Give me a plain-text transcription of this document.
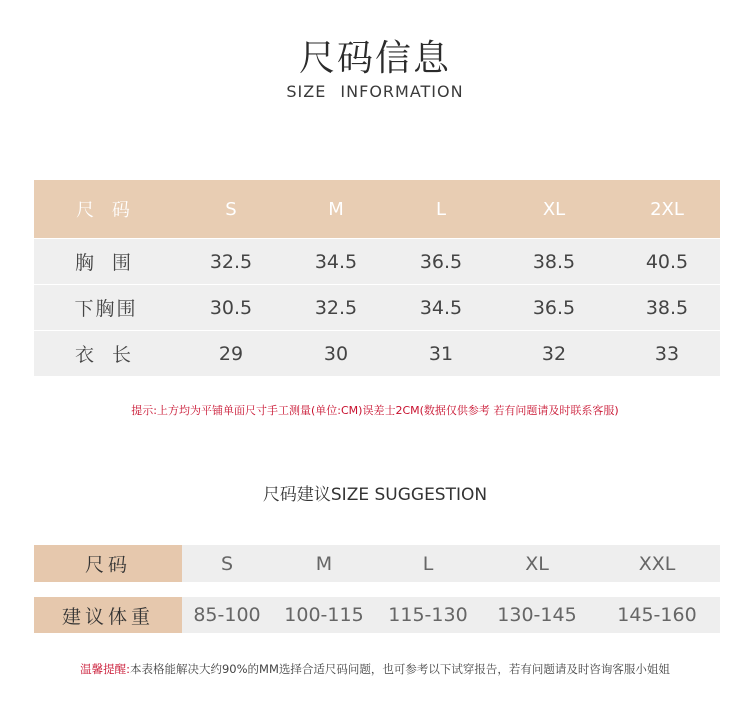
尺码信息
SIZE INFORMATION
尺 码	S	M	L	XL	2XL
胸 围	32.5	34.5	36.5	38.5	40.5
下胸围	30.5	32.5	34.5	36.5	38.5
衣 长	29	30	31	32	33
提示:上方均为平铺单面尺寸手工测量(单位:CM)误差士2CM(数据仅供参考 若有问题请及时联系客服)
尺码建议SIZE SUGGESTION
尺码	S	M	L	XL	XXL
建议体重	85-100	100-115	115-130	130-145	145-160
温馨提醒:本表格能解决大约90%的MM选择合适尺码问题，也可参考以下试穿报告，若有问题请及时咨询客服小姐姐
